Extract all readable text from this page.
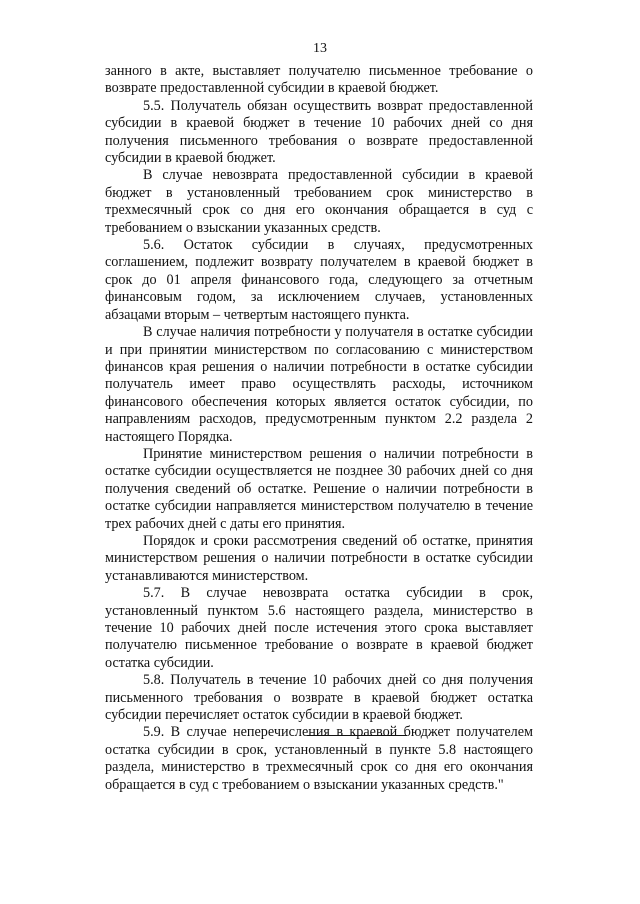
13

занного в акте, выставляет получателю письменное требование о возврате предоставленной субсидии в краевой бюджет.

5.5. Получатель обязан осуществить возврат предоставленной субсидии в краевой бюджет в течение 10 рабочих дней со дня получения письменного требования о возврате предоставленной субсидии в краевой бюджет.

В случае невозврата предоставленной субсидии в краевой бюджет в установленный требованием срок министерство в трехмесячный срок со дня его окончания обращается в суд с требованием о взыскании указанных средств.

5.6. Остаток субсидии в случаях, предусмотренных соглашением, подлежит возврату получателем в краевой бюджет в срок до 01 апреля финансового года, следующего за отчетным финансовым годом, за исключением случаев, установленных абзацами вторым – четвертым настоящего пункта.

В случае наличия потребности у получателя в остатке субсидии и при принятии министерством по согласованию с министерством финансов края решения о наличии потребности в остатке субсидии получатель имеет право осуществлять расходы, источником финансового обеспечения которых является остаток субсидии, по направлениям расходов, предусмотренным пунктом 2.2 раздела 2 настоящего Порядка.

Принятие министерством решения о наличии потребности в остатке субсидии осуществляется не позднее 30 рабочих дней со дня получения сведений об остатке. Решение о наличии потребности в остатке субсидии направляется министерством получателю в течение трех рабочих дней с даты его принятия.

Порядок и сроки рассмотрения сведений об остатке, принятия министерством решения о наличии потребности в остатке субсидии устанавливаются министерством.

5.7. В случае невозврата остатка субсидии в срок, установленный пунктом 5.6 настоящего раздела, министерство в течение 10 рабочих дней после истечения этого срока выставляет получателю письменное требование о возврате в краевой бюджет остатка субсидии.

5.8. Получатель в течение 10 рабочих дней со дня получения письменного требования о возврате в краевой бюджет остатка субсидии перечисляет остаток субсидии в краевой бюджет.

5.9. В случае неперечисления в краевой бюджет получателем остатка субсидии в срок, установленный в пункте 5.8 настоящего раздела, министерство в трехмесячный срок со дня его окончания обращается в суд с требованием о взыскании указанных средств."
